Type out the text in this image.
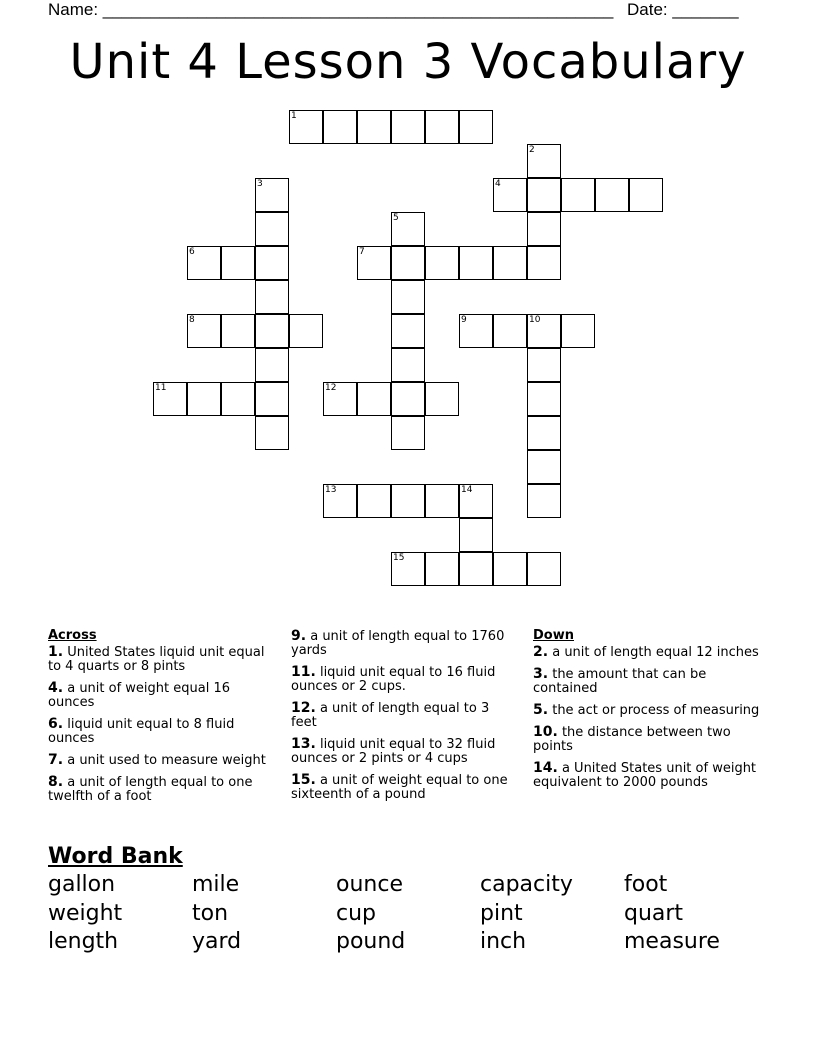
Name: ______________________________________________________ Date: _______
Unit 4 Lesson 3 Vocabulary
1
2
3	4
5
6	7
8	9	10
11	12
13	14
15
Across
1. United States liquid unit equal to 4 quarts or 8 pints
4. a unit of weight equal 16 ounces
6. liquid unit equal to 8 fluid ounces
7. a unit used to measure weight
8. a unit of length equal to one twelfth of a foot
9. a unit of length equal to 1760 yards
11. liquid unit equal to 16 fluid ounces or 2 cups.
12. a unit of length equal to 3 feet
13. liquid unit equal to 32 fluid ounces or 2 pints or 4 cups
15. a unit of weight equal to one sixteenth of a pound
Down
2. a unit of length equal 12 inches
3. the amount that can be contained
5. the act or process of measuring
10. the distance between two points
14. a United States unit of weight equivalent to 2000 pounds
Word Bank
gallon	mile	ounce	capacity	foot
weight	ton	cup	pint	quart
length	yard	pound	inch	measure
